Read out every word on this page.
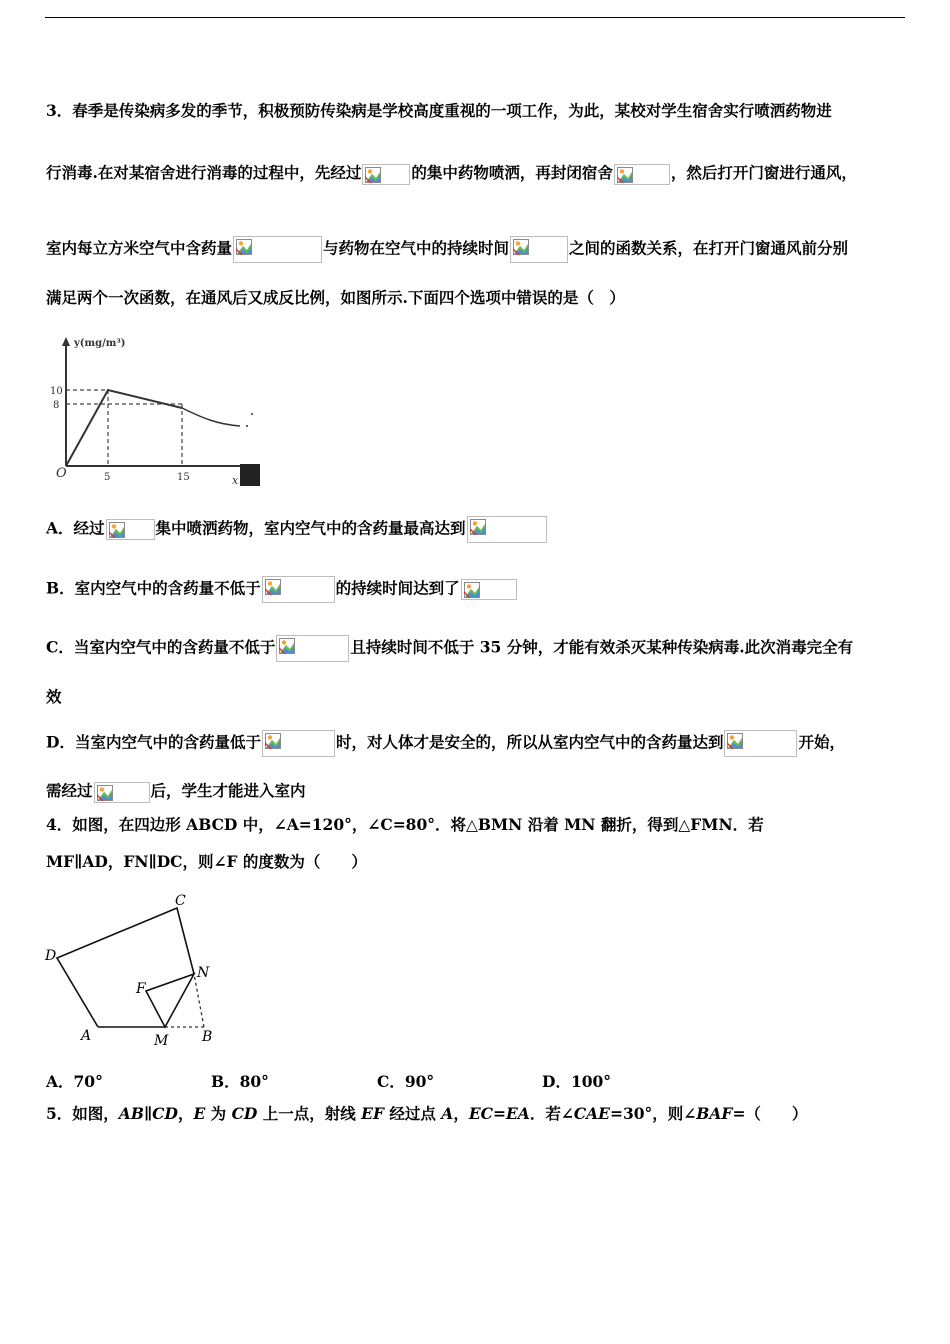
3．春季是传染病多发的季节，积极预防传染病是学校高度重视的一项工作，为此，某校对学生宿舍实行喷洒药物进
行消毒.在对某宿舍进行消毒的过程中，先经过	的集中药物喷洒，再封闭宿舍	，然后打开门窗进行通风，
室内每立方米空气中含药量	与药物在空气中的持续时间	之间的函数关系，在打开门窗通风前分别
满足两个一次函数，在通风后又成反比例，如图所示.下面四个选项中错误的是（　）
y(mg/m³)
O	x
10
8
5	15
A．经过	集中喷洒药物，室内空气中的含药量最高达到
B．室内空气中的含药量不低于	的持续时间达到了
C．当室内空气中的含药量不低于	且持续时间不低于 35 分钟，才能有效杀灭某种传染病毒.此次消毒完全有
效
D．当室内空气中的含药量低于	时，对人体才是安全的，所以从室内空气中的含药量达到	开始，
需经过	后，学生才能进入室内
4．如图，在四边形 ABCD 中，∠A=120°，∠C=80°．将△BMN 沿着 MN 翻折，得到△FMN．若
MF∥AD，FN∥DC，则∠F 的度数为（　　）
D
C
N
F
A	M B
A．70°	B．80°	C．90°	D．100°
5．如图，AB∥CD，E 为 CD 上一点，射线 EF 经过点 A，EC=EA．若∠CAE=30°，则∠BAF=（　　）
